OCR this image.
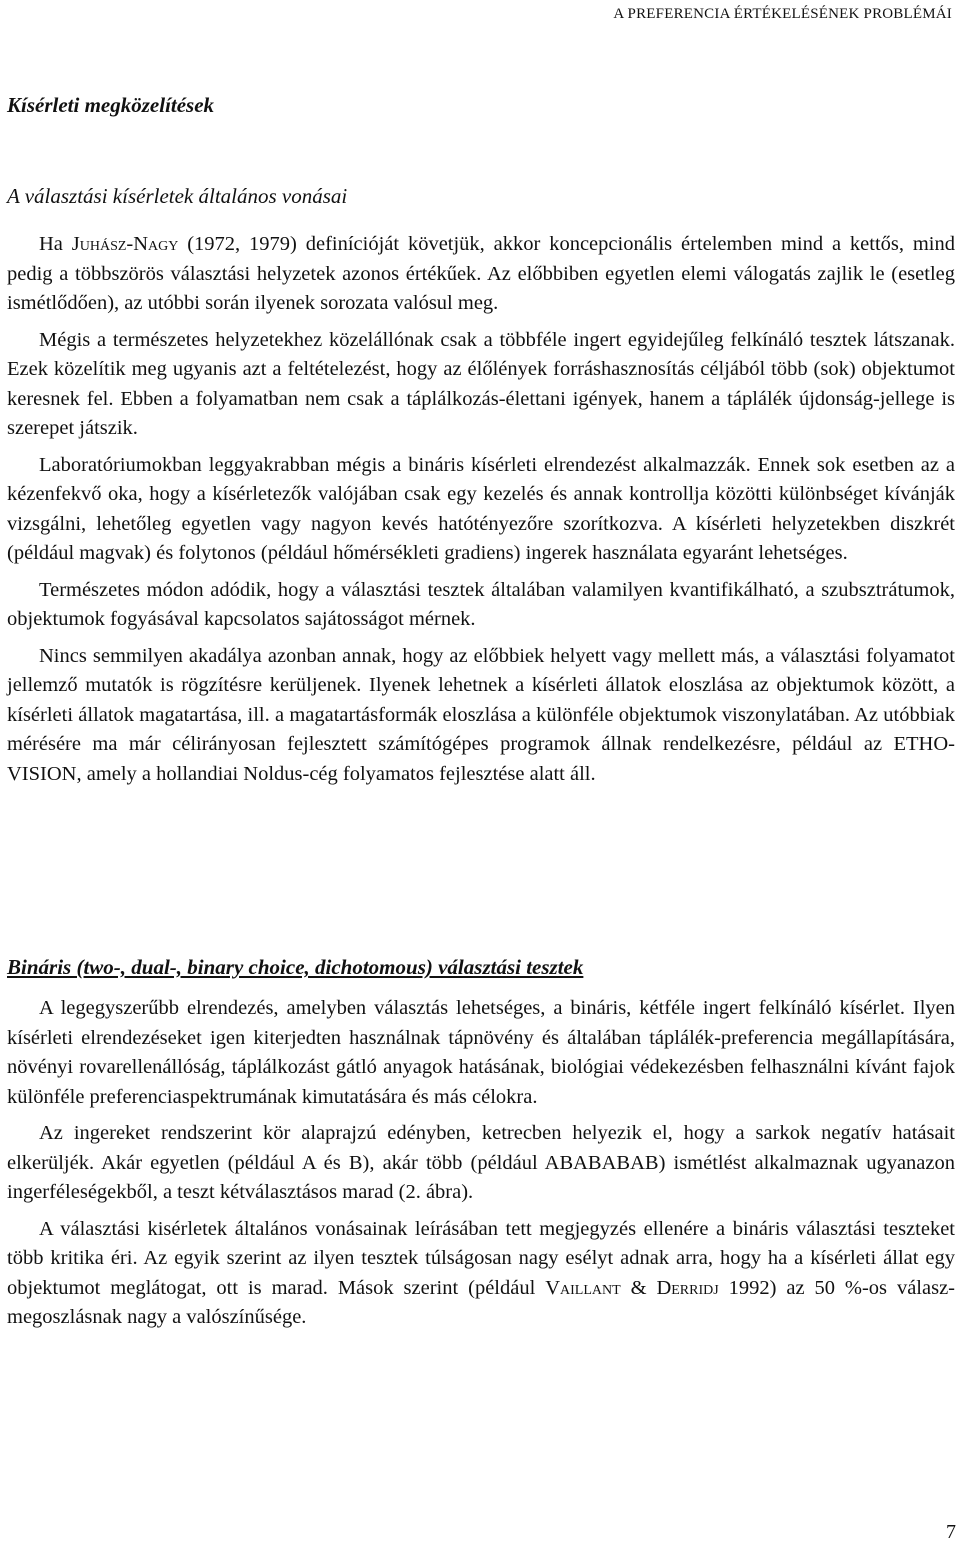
A PREFERENCIA ÉRTÉKELÉSÉNEK PROBLÉMÁI
Kísérleti megközelítések
A választási kísérletek általános vonásai

Ha Juhász-Nagy (1972, 1979) definícióját követjük, akkor koncepcionális értelemben mind a kettős, mind pedig a többszörös választási helyzetek azonos értékűek. Az előbbiben egyetlen elemi válogatás zajlik le (esetleg ismétlődően), az utóbbi során ilyenek sorozata valósul meg.

Mégis a természetes helyzetekhez közelállónak csak a többféle ingert egyidejűleg felkínáló tesztek látszanak. Ezek közelítik meg ugyanis azt a feltételezést, hogy az élőlények forráshasznosítás céljából több (sok) objektumot keresnek fel. Ebben a folyamatban nem csak a táplálkozás-élettani igények, hanem a táplálék újdonság-jellege is szerepet játszik.

Laboratóriumokban leggyakrabban mégis a bináris kísérleti elrendezést alkalmazzák. Ennek sok esetben az a kézenfekvő oka, hogy a kísérletezők valójában csak egy kezelés és annak kontrollja közötti különbséget kívánják vizsgálni, lehetőleg egyetlen vagy nagyon kevés hatótényezőre szorítkozva. A kísérleti helyzetekben diszkrét (például magvak) és folytonos (például hőmérsékleti gradiens) ingerek használata egyaránt lehetséges.

Természetes módon adódik, hogy a választási tesztek általában valamilyen kvantifikálható, a szubsztrátumok, objektumok fogyásával kapcsolatos sajátosságot mérnek.

Nincs semmilyen akadálya azonban annak, hogy az előbbiek helyett vagy mellett más, a választási folyamatot jellemző mutatók is rögzítésre kerüljenek. Ilyenek lehetnek a kísérleti állatok eloszlása az objektumok között, a kísérleti állatok magatartása, ill. a magatartásformák eloszlása a különféle objektumok viszonylatában. Az utóbbiak mérésére ma már célirányosan fejlesztett számítógépes programok állnak rendelkezésre, például az ETHO-VISION, amely a hollandiai Noldus-cég folyamatos fejlesztése alatt áll.

Bináris (two-, dual-, binary choice, dichotomous) választási tesztek

A legegyszerűbb elrendezés, amelyben választás lehetséges, a bináris, kétféle ingert felkínáló kísérlet. Ilyen kísérleti elrendezéseket igen kiterjedten használnak tápnövény és általában táplálék-preferencia megállapítására, növényi rovarellenállóság, táplálkozást gátló anyagok hatásának, biológiai védekezésben felhasználni kívánt fajok különféle preferenciaspektrumának kimutatására és más célokra.

Az ingereket rendszerint kör alaprajzú edényben, ketrecben helyezik el, hogy a sarkok negatív hatásait elkerüljék. Akár egyetlen (például A és B), akár több (például ABABABAB) ismétlést alkalmaznak ugyanazon ingerféleségekből, a teszt kétválasztásos marad (2. ábra).

A választási kisérletek általános vonásainak leírásában tett megjegyzés ellenére a bináris választási teszteket több kritika éri. Az egyik szerint az ilyen tesztek túlságosan nagy esélyt adnak arra, hogy ha a kísérleti állat egy objektumot meglátogat, ott is marad. Mások szerint (például Vaillant & Derridj 1992) az 50 %-os válasz-megoszlásnak nagy a valószínűsége.

7
